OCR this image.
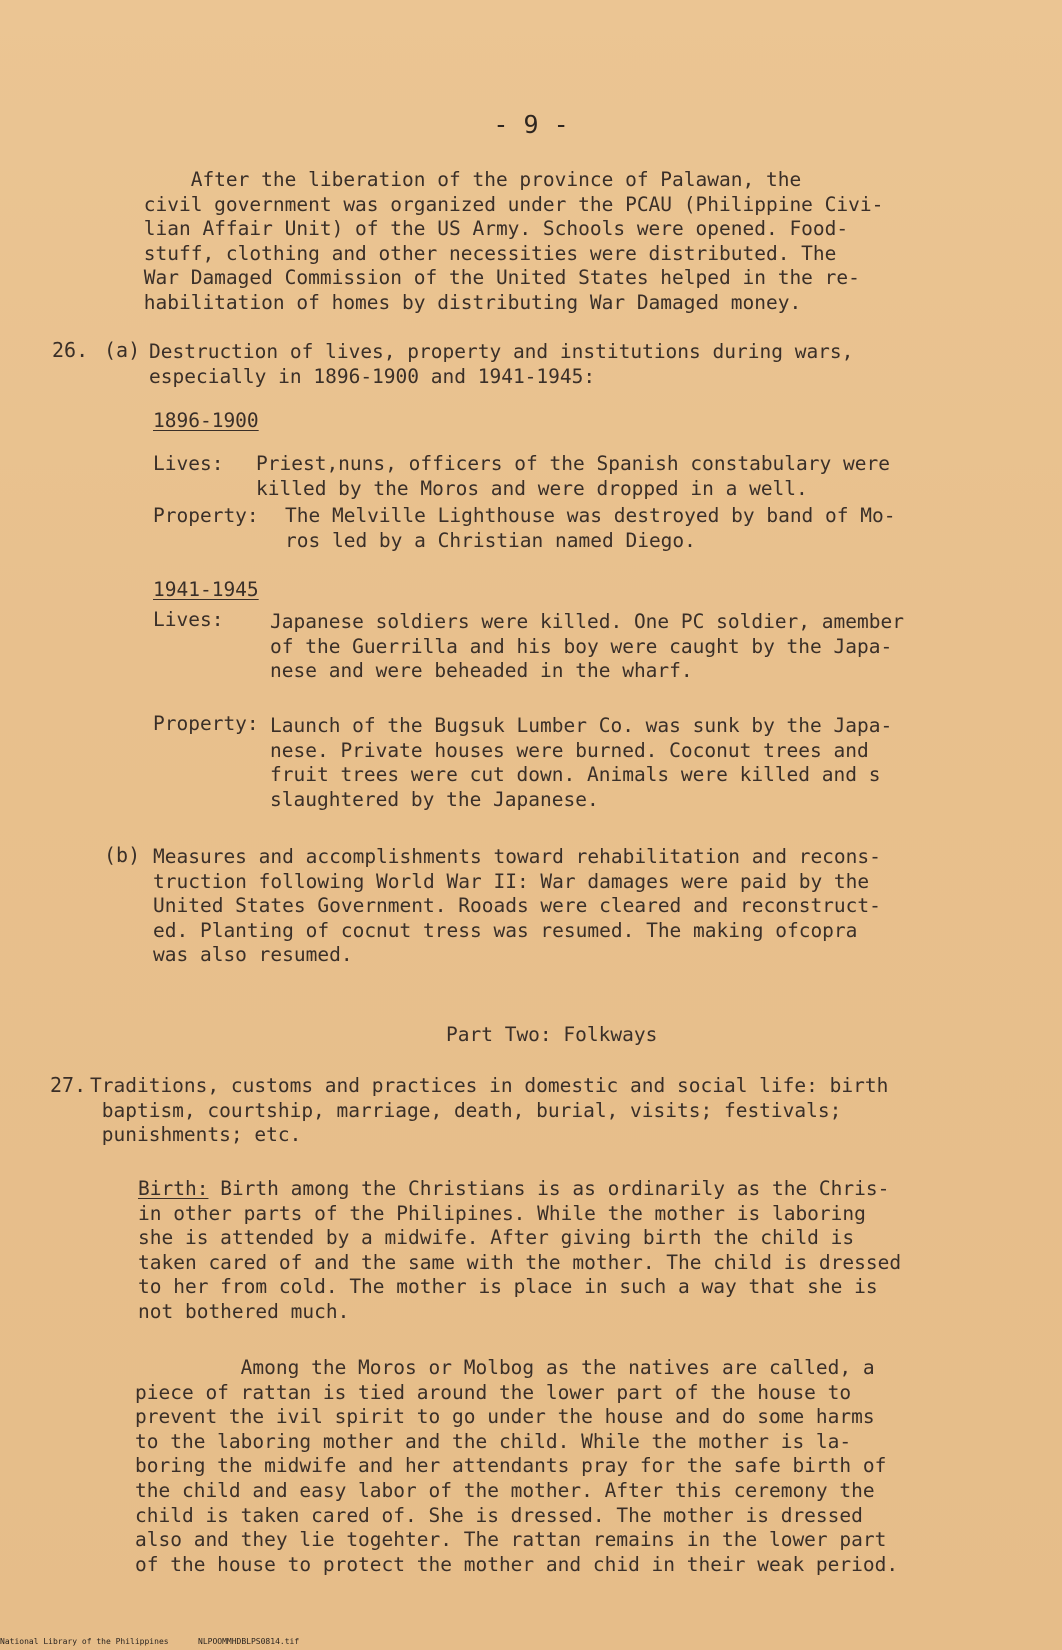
- 9 -
After the liberation of the province of Palawan, the
civil government was organized under the PCAU (Philippine Civi-
lian Affair Unit) of the US Army. Schools were opened. Food-
stuff, clothing and other necessities were distributed. The
War Damaged Commission of the United States helped in the re-
habilitation of homes by distributing War Damaged money.
26. (a) Destruction of lives, property and institutions during wars,
especially in 1896-1900 and 1941-1945:
1896-1900
Lives: Priest,nuns, officers of the Spanish constabulary were
killed by the Moros and were dropped in a well.
Property: The Melville Lighthouse was destroyed by band of Mo-
ros led by a Christian named Diego.
1941-1945
Lives: Japanese soldiers were killed. One PC soldier, amember
of the Guerrilla and his boy were caught by the Japa-
nese and were beheaded in the wharf.
Property: Launch of the Bugsuk Lumber Co. was sunk by the Japa-
nese. Private houses were burned. Coconut trees and
fruit trees were cut down. Animals were killed and s
slaughtered by the Japanese.
(b) Measures and accomplishments toward rehabilitation and recons-
truction following World War II: War damages were paid by the
United States Government. Rooads were cleared and reconstruct-
ed. Planting of cocnut tress was resumed. The making ofcopra
was also resumed.
Part Two: Folkways
27. Traditions, customs and practices in domestic and social life: birth
baptism, courtship, marriage, death, burial, visits; festivals;
punishments; etc.
Birth: Birth among the Christians is as ordinarily as the Chris-
in other parts of the Philipines. While the mother is laboring
she is attended by a midwife. After giving birth the child is
taken cared of and the same with the mother. The child is dressed
to her from cold. The mother is place in such a way that she is
not bothered much.
Among the Moros or Molbog as the natives are called, a
piece of rattan is tied around the lower part of the house to
prevent the ivil spirit to go under the house and do some harms
to the laboring mother and the child. While the mother is la-
boring the midwife and her attendants pray for the safe birth of
the child and easy labor of the mother. After this ceremony the
child is taken cared of. She is dressed. The mother is dressed
also and they lie togehter. The rattan remains in the lower part
of the house to protect the mother and chid in their weak period.
National Library of the Philippines	NLPOOMMHDBLPS0814.tif
